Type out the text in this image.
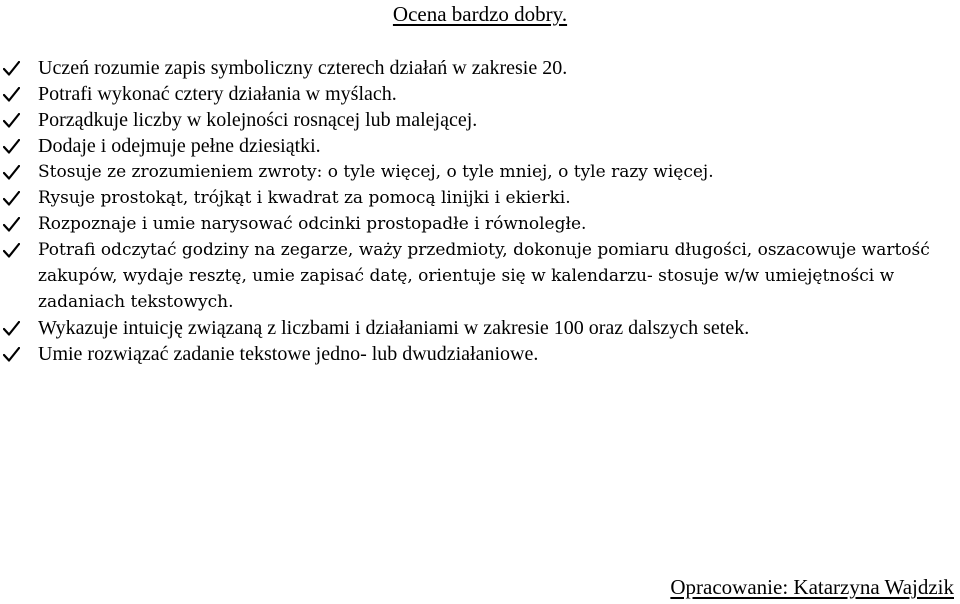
Ocena bardzo dobry.
Uczeń rozumie zapis symboliczny czterech działań w zakresie 20.
Potrafi wykonać cztery działania w myślach.
Porządkuje liczby w kolejności rosnącej lub malejącej.
Dodaje i odejmuje pełne dziesiątki.
Stosuje ze zrozumieniem zwroty: o tyle więcej, o tyle mniej, o tyle razy więcej.
Rysuje prostokąt, trójkąt i kwadrat za pomocą linijki i ekierki.
Rozpoznaje i umie narysować odcinki prostopadłe i równoległe.
Potrafi odczytać godziny na zegarze, waży przedmioty, dokonuje pomiaru długości, oszacowuje wartość zakupów, wydaje resztę, umie zapisać datę, orientuje się w kalendarzu- stosuje w/w umiejętności w zadaniach tekstowych.
Wykazuje intuicję związaną z liczbami i działaniami w zakresie 100 oraz dalszych setek.
Umie rozwiązać zadanie tekstowe jedno- lub dwudziałaniowe.
Opracowanie: Katarzyna Wajdzik
